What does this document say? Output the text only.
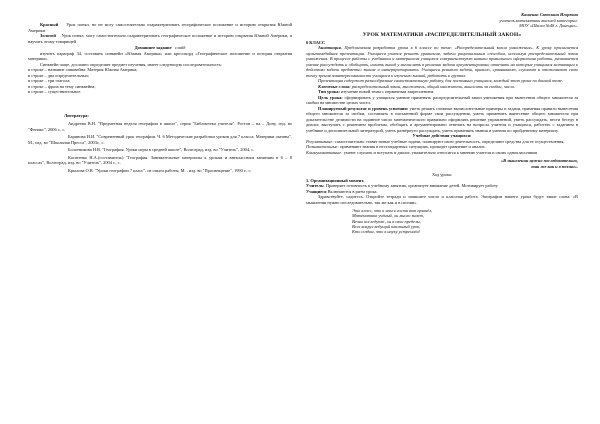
Красный Урок понял, но не могу самостоятельно охарактеризовать географическое положение и историю открытия Южной Америки

Золотой Урок понял, могу самостоятельно охарактеризовать географическое положение и историю открытия Южной Америки, и научить этому товарищей

Домашнее задание слайд

изучить параграф 34, составить синквейн «Южная Америка» или кроссворд «Географическое положение и история открытия материка».

Синквейн чаще, дословно определяет предмет изучения, имеет следующую последовательность:

в строке – название синквейна: Материк Южная Америка;

в строке – два определительных;

в строке – три глагола;

в строке – фраза на тему синквейна;

в строке – существительное.

Литература:

Андреева В.Н. "Предметная неделя географии в школе", серия "Библиотека учителя". Ростов – на – Дону, изд. во "Феникс", 2006 г., с.

Баринова И.И. "Современный урок географии. Ч. 6 Методические разработки уроков для 7 класса. Материки океаны", М., изд. во "Школьная Пресса", 2003г., с.

Болотникова Н.В. "География. Уроки игры в средней школе", Волгоград, изд. во "Учитель", 2004, с.

Касатенко Н.А.(составитель) "География. Занимательные материалы к урокам и внеклассным занятиям в 6 – 8 классах", Волгоград, изд. во "Учитель", 2004 г., с.

Крылова О.В. "Уроки географии 7 класс", из опыта работы, М. , изд. во "Просвещение", 1990 г., с.

Кашенко Светлана Игоревна

учитель математики высшей категории:

МОУ «Школа №48 г. Донецка».

УРОК МАТЕМАТИКИ «РАСПРЕДЕЛИТЕЛЬНЫЙ ЗАКОН»

6 КЛАСС

Аннотация. Предлагаемая разработка урока в 6 классе по теме: «Распределительный закон умножения». К уроку прилагается мультимедийная презентация. Учащиеся учатся решать уравнения, задачи рациональным способом, используя распределительный закон умножения. В процессе работы с учебником и материалом учащиеся совершенствуют навыки правильного оформления работы, развивается умение рассуждать и обобщать, искать выход у вычислять в решении задачи аргументировано отвечать на которые учащимся мотивации к действию задачи предметно знание и интерпретировать. Учащиеся решают задачи, правило, сравнивают, слушают и отстаивают свою точку зрения заинтересованности учащихся к изучению знаний, работать в группах.

Презентация содержит разнообразные самостоятельную работу, для постоянно учащихся, каждый этап урока по данной теме.

Ключевые слова: распределительный закон, множитель, общий множитель, выносить за скобки, число.

Тип урока: изучение новой темы с первичным закреплением.

Цель урока: сформировать у учащихся умение применять распределительный закон умножения при вынесении общего множителя за скобки на множестве целых чисел.

Планируемый результат и уровень усвоения: уметь решать сложные вычислительные примеры и задачи, применяя правило вынесения общего множителя за скобки, составлять в письменной форме свои рассуждения, уметь применить вынесение общего множителя при доказательстве делимости на заданное число математического правильно оформлять решение упражнений, уметь рассуждать, вести беседу в диалог, выступать с решением проблемы, обобщать и аргументировано отвечать на вопросы учителя и учащихся, работать с заданием в учебнике и дополнительной литературой, уметь развёрнуто рассуждать, уметь применять знания и умения по пройденному материалу.

Учебные действия учащихся:

Регулятивные: самостоятельно ставят новые учебные задачи, планируют свою деятельность, определяют средства для ее осуществления.

Познавательные: применяют знания в нестандартных ситуациях, проводят сравнение и анализ.

Коммуникативные: умеют слушать и вступать в диалог, уважительно относятся к мнению учителя и своих одноклассников

«В мышлении нужно последовательно,

так же как и в поэзии».

Ход урока:

1. Организационный момент.

Учитель: Проверяет готовность к учебному занятию, организует внимание детей. Мотивирует работу

Учащиеся Включаются в ритм урока.

Здравствуйте, садитесь. Откройте тетради и запишите число и классная работа. Эпиграфом нашего урока будут такие слова: «В мышлении нужно последовательно, так же как и в поэзии».

Это класс, что к нам в гости вот пришёл,

Математика учёный, он много знает,

Вечно исследуют, он в свои пределы,

Всех вокруг ведущий школьный урок,

Кто создан, что в науку устремлён!
